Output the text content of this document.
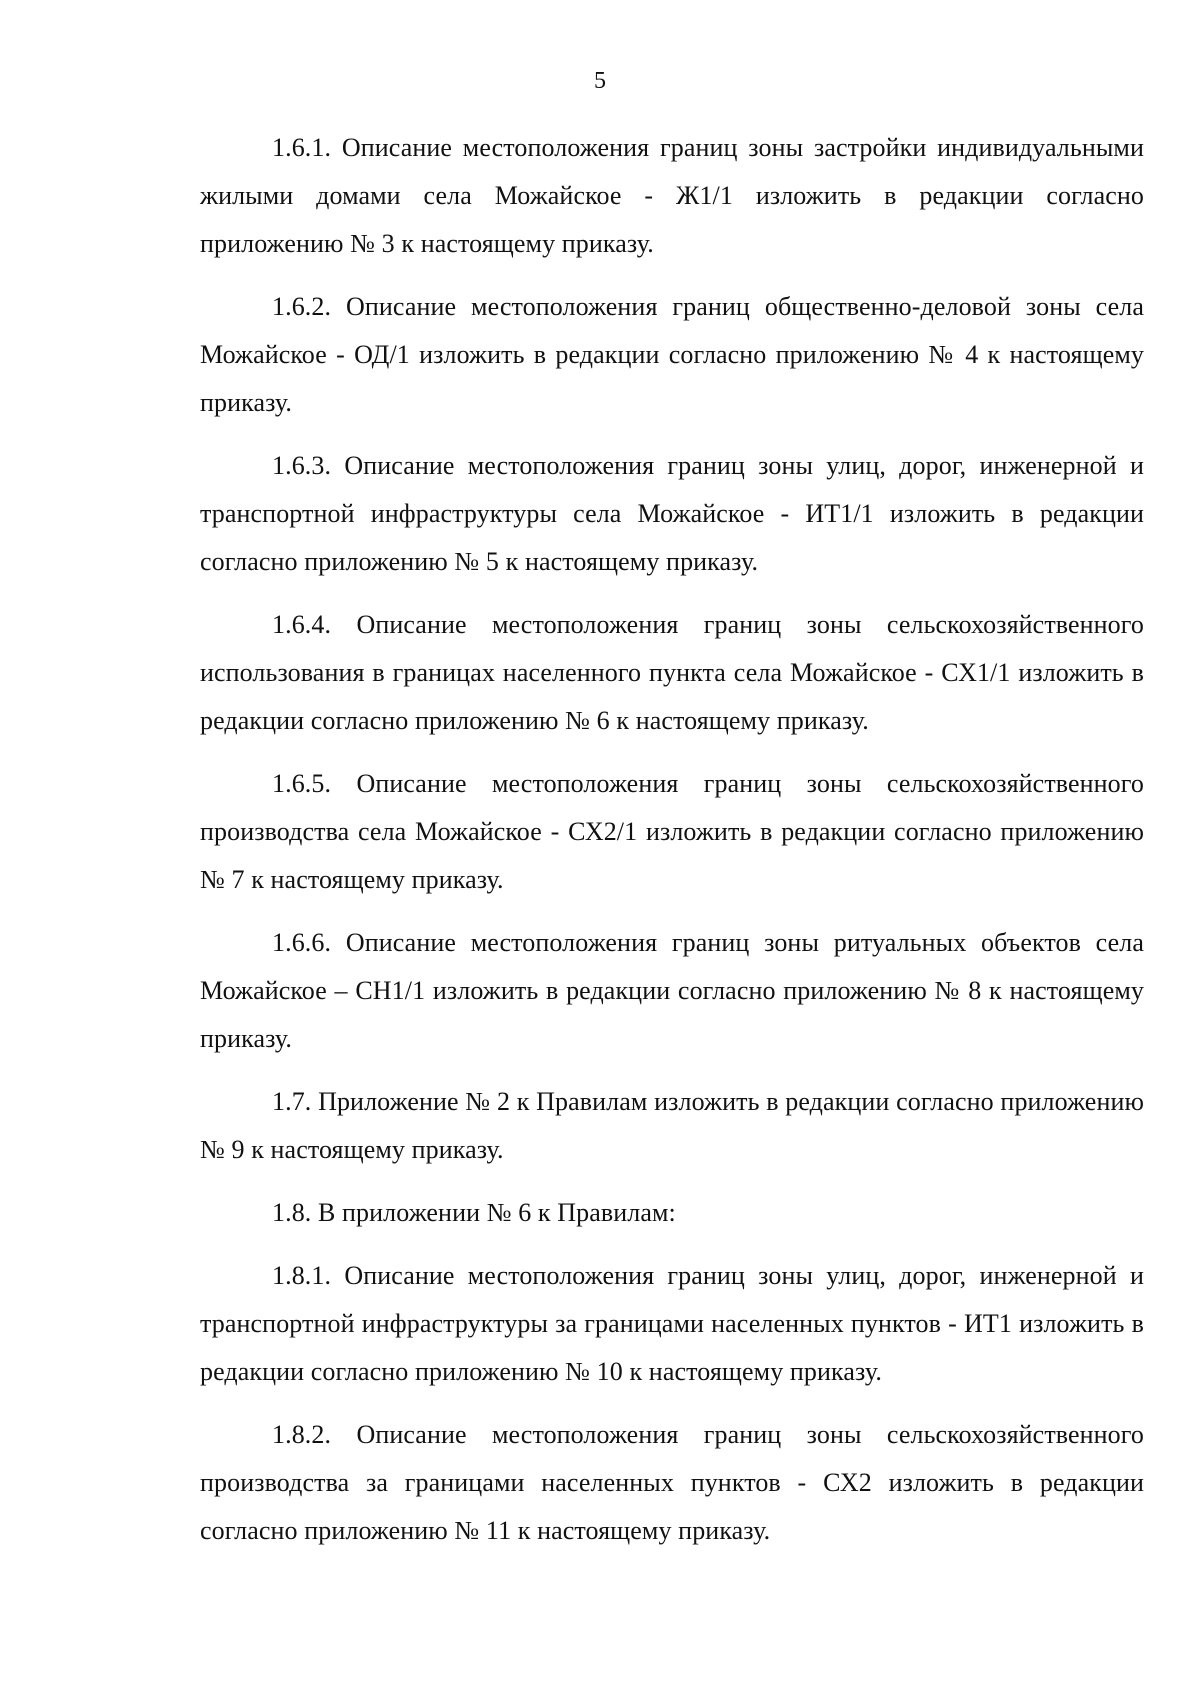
5

1.6.1. Описание местоположения границ зоны застройки индивидуальными жилыми домами села Можайское - Ж1/1 изложить в редакции согласно приложению № 3 к настоящему приказу.

1.6.2. Описание местоположения границ общественно-деловой зоны села Можайское - ОД/1 изложить в редакции согласно приложению № 4 к настоящему приказу.

1.6.3. Описание местоположения границ зоны улиц, дорог, инженерной и транспортной инфраструктуры села Можайское - ИТ1/1 изложить в редакции согласно приложению № 5 к настоящему приказу.

1.6.4. Описание местоположения границ зоны сельскохозяйственного использования в границах населенного пункта села Можайское - СХ1/1 изложить в редакции согласно приложению № 6 к настоящему приказу.

1.6.5. Описание местоположения границ зоны сельскохозяйственного производства села Можайское - СХ2/1 изложить в редакции согласно приложению № 7 к настоящему приказу.

1.6.6. Описание местоположения границ зоны ритуальных объектов села Можайское – СН1/1 изложить в редакции согласно приложению № 8 к настоящему приказу.

1.7. Приложение № 2 к Правилам изложить в редакции согласно приложению № 9 к настоящему приказу.

1.8. В приложении № 6 к Правилам:

1.8.1. Описание местоположения границ зоны улиц, дорог, инженерной и транспортной инфраструктуры за границами населенных пунктов - ИТ1 изложить в редакции согласно приложению № 10 к настоящему приказу.

1.8.2. Описание местоположения границ зоны сельскохозяйственного производства за границами населенных пунктов - СХ2 изложить в редакции согласно приложению № 11 к настоящему приказу.
